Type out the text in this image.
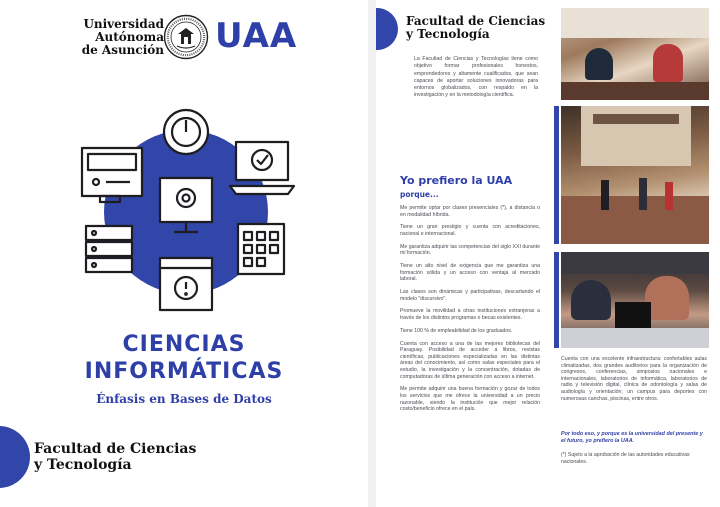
Universidad
Autónoma
de Asunción UAA
CIENCIAS
INFORMÁTICAS
Énfasis en Bases de Datos
Facultad de Ciencias
y Tecnología
Facultad de Ciencias
y Tecnología
La Facultad de Ciencias y Tecnologías tiene como objetivo formar profesionales honestos, emprendedores y altamente cualificados, que sean capaces de aportar soluciones innovadoras para entornos globalizados, con respaldo en la investigación y en la metodología científica.
Yo prefiero la UAA
porque...

Me permite optar por clases presenciales (*), a distancia o en modalidad híbrida.

Tiene un gran prestigio y cuenta con acreditaciones, nacional e internacional.

Me garantiza adquirir las competencias del siglo XXI durante mi formación.

Tiene un alto nivel de exigencia que me garantiza una formación sólida y un acceso con ventaja al mercado laboral.

Las clases son dinámicas y participativas, descartando el modelo "discursivo".

Promueve la movilidad a otras instituciones extranjeras a través de los distintos programas o becas existentes.

Tiene 100 % de empleabilidad de los graduados.

Cuenta con acceso a una de las mejores bibliotecas del Paraguay. Posibilidad de acceder a libros, revistas científicas, publicaciones especializadas en las distintas áreas del conocimiento, así como salas especiales para el estudio, la investigación y la concentración, dotadas de computadoras de última generación con acceso a internet.

Me permite adquirir una buena formación y gozar de todos los servicios que me ofrece la universidad a un precio razonable, siendo la institución que mejor relación costo/beneficio ofrece en el país.

Cuenta con una excelente infraestructura: confortables aulas climatizadas, dos grandes auditorios para la organización de congresos, conferencias, simposios nacionales e internacionales, laboratorios de informática, laboratorios de radio y televisión digital, clínica de odontología y salas de audiología y orientación; un campus para deportes con numerosas canchas, piscinas, entre otros.
Por todo eso, y porque es la universidad del presente y el futuro, yo prefiero la UAA.
(*) Sujeto a la aprobación de las autoridades educativas nacionales.
